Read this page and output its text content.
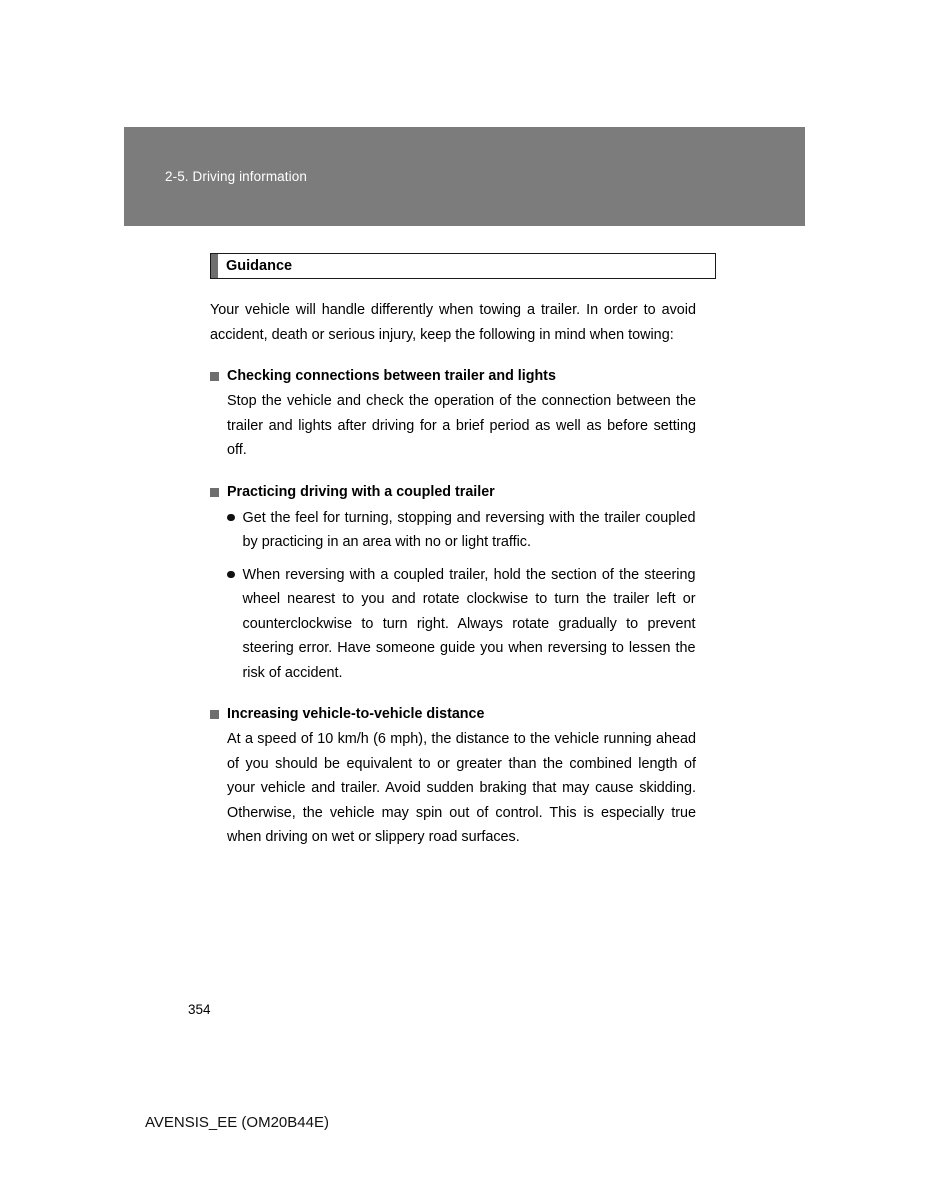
2-5. Driving information
Guidance

Your vehicle will handle differently when towing a trailer. In order to avoid accident, death or serious injury, keep the following in mind when towing:

Checking connections between trailer and lights

Stop the vehicle and check the operation of the connection between the trailer and lights after driving for a brief period as well as before setting off.

Practicing driving with a coupled trailer
Get the feel for turning, stopping and reversing with the trailer coupled by practicing in an area with no or light traffic.
When reversing with a coupled trailer, hold the section of the steering wheel nearest to you and rotate clockwise to turn the trailer left or counterclockwise to turn right. Always rotate gradually to prevent steering error. Have someone guide you when reversing to lessen the risk of accident.
Increasing vehicle-to-vehicle distance

At a speed of 10 km/h (6 mph), the distance to the vehicle running ahead of you should be equivalent to or greater than the combined length of your vehicle and trailer. Avoid sudden braking that may cause skidding. Otherwise, the vehicle may spin out of control. This is especially true when driving on wet or slippery road surfaces.

354
AVENSIS_EE (OM20B44E)
